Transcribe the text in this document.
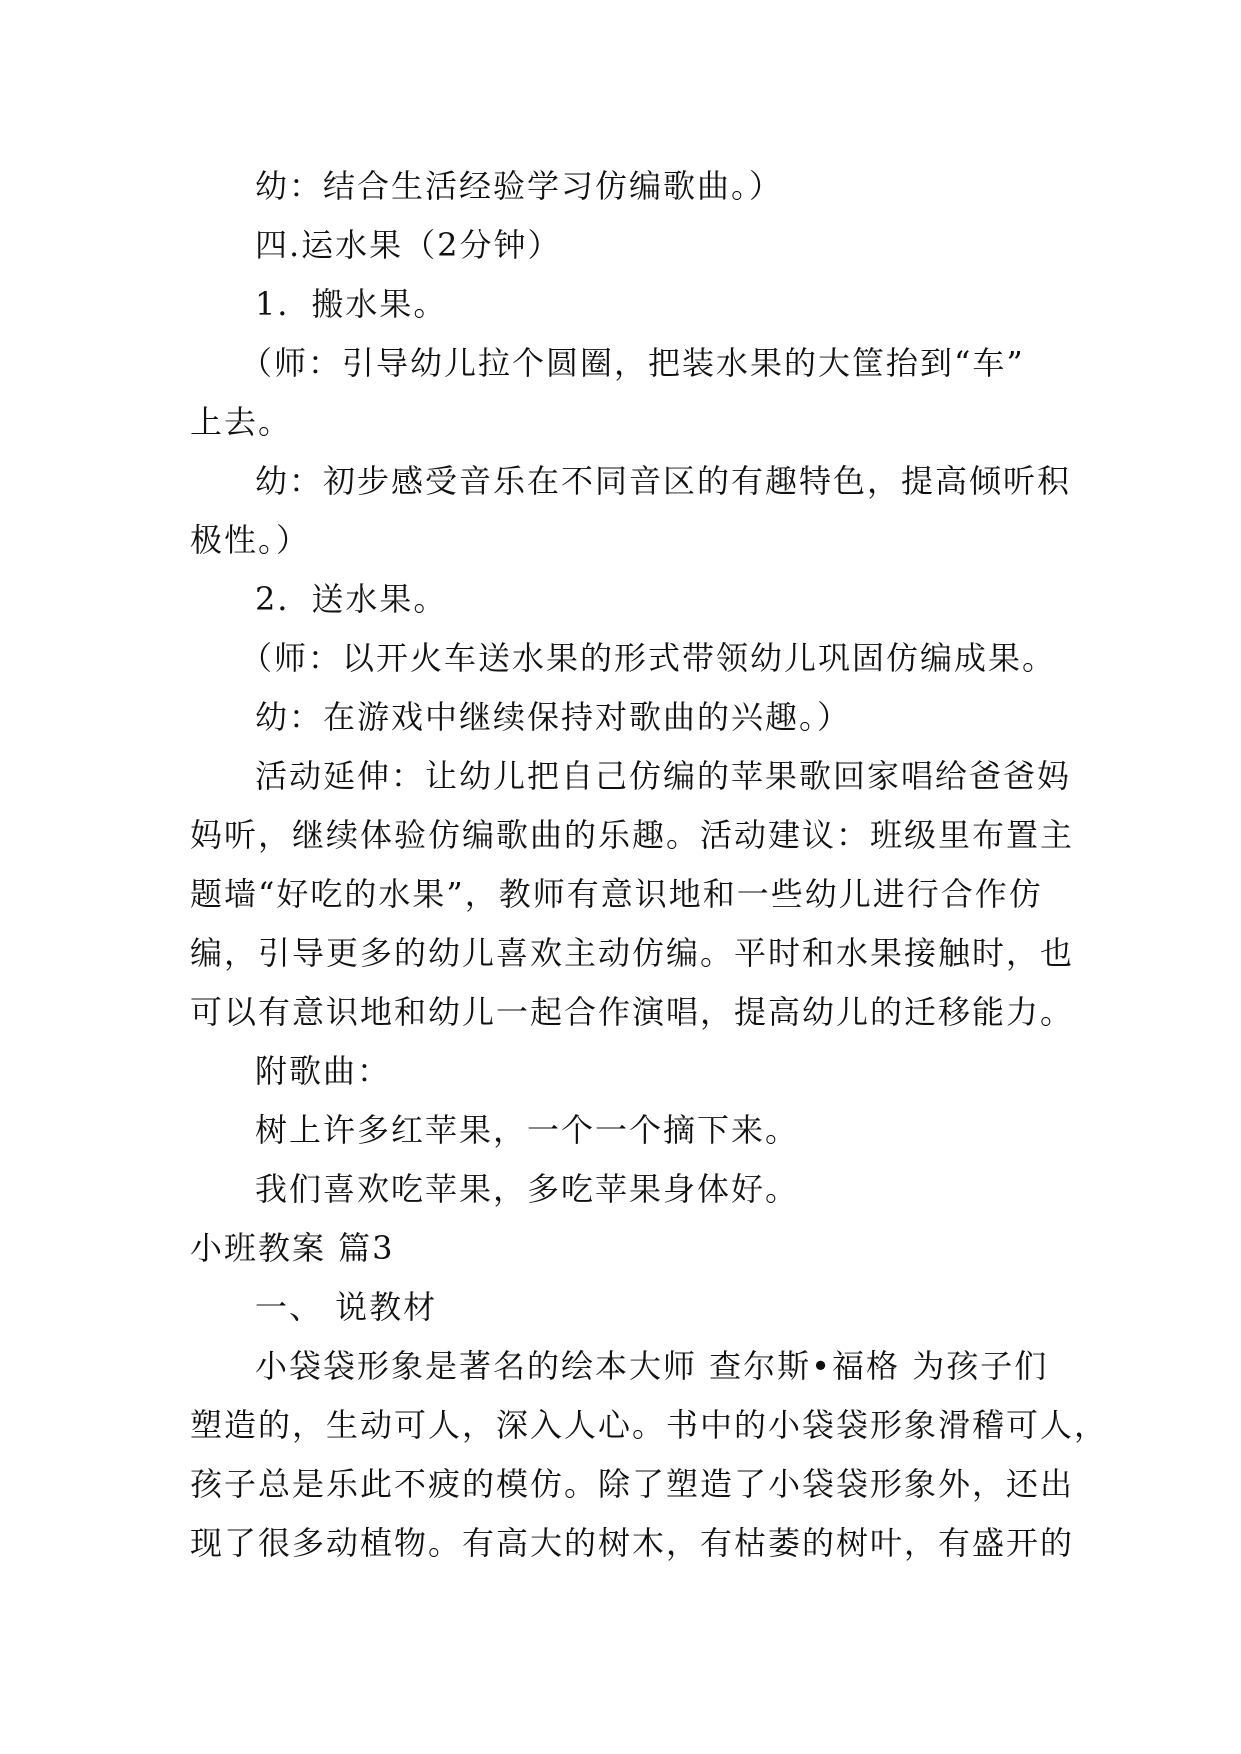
幼：结合生活经验学习仿编歌曲。）
四.运水果（2分钟）
1．搬水果。
（师：引导幼儿拉个圆圈，把装水果的大筐抬到“车”
上去。
幼：初步感受音乐在不同音区的有趣特色，提高倾听积
极性。）
2．送水果。
（师：以开火车送水果的形式带领幼儿巩固仿编成果。
幼：在游戏中继续保持对歌曲的兴趣。）
活动延伸：让幼儿把自己仿编的苹果歌回家唱给爸爸妈
妈听，继续体验仿编歌曲的乐趣。活动建议：班级里布置主
题墙“好吃的水果”，教师有意识地和一些幼儿进行合作仿
编，引导更多的幼儿喜欢主动仿编。平时和水果接触时，也
可以有意识地和幼儿一起合作演唱，提高幼儿的迁移能力。
附歌曲：
树上许多红苹果，一个一个摘下来。
我们喜欢吃苹果，多吃苹果身体好。
小班教案 篇3
一、 说教材
小袋袋形象是著名的绘本大师 查尔斯•福格 为孩子们
塑造的，生动可人，深入人心。书中的小袋袋形象滑稽可人，
孩子总是乐此不疲的模仿。除了塑造了小袋袋形象外，还出
现了很多动植物。有高大的树木，有枯萎的树叶，有盛开的
